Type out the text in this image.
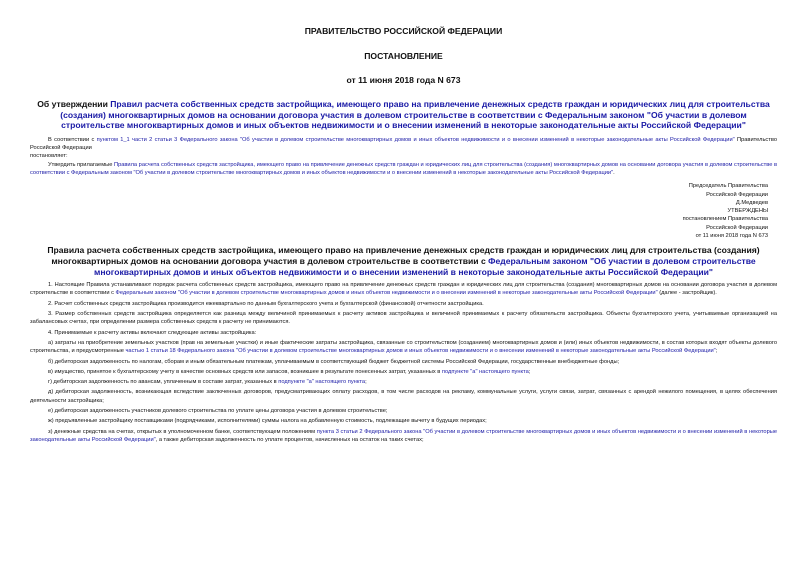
ПРАВИТЕЛЬСТВО РОССИЙСКОЙ ФЕДЕРАЦИИ
ПОСТАНОВЛЕНИЕ
от 11 июня 2018 года N 673
Об утверждении Правил расчета собственных средств застройщика, имеющего право на привлечение денежных средств граждан и юридических лиц для строительства (создания) многоквартирных домов на основании договора участия в долевом строительстве в соответствии с Федеральным законом "Об участии в долевом строительстве многоквартирных домов и иных объектов недвижимости и о внесении изменений в некоторые законодательные акты Российской Федерации"
В соответствии с пунктом 1_1 части 2 статьи 3 Федерального закона "Об участии в долевом строительстве многоквартирных домов и иных объектов недвижимости и о внесении изменений в некоторые законодательные акты Российской Федерации" Правительство Российской Федерации
постановляет:
Утвердить прилагаемые Правила расчета собственных средств застройщика, имеющего право на привлечение денежных средств граждан и юридических лиц для строительства (создания) многоквартирных домов на основании договора участия в долевом строительстве в соответствии с Федеральным законом "Об участии в долевом строительстве многоквартирных домов и иных объектов недвижимости и о внесении изменений в некоторые законодательные акты Российской Федерации".
Председатель Правительства
Российской Федерации
Д.Медведев
УТВЕРЖДЕНЫ
постановлением Правительства
Российской Федерации
от 11 июня 2018 года N 673
Правила расчета собственных средств застройщика, имеющего право на привлечение денежных средств граждан и юридических лиц для строительства (создания) многоквартирных домов на основании договора участия в долевом строительстве в соответствии с Федеральным законом "Об участии в долевом строительстве многоквартирных домов и иных объектов недвижимости и о внесении изменений в некоторые законодательные акты Российской Федерации"
1. Настоящие Правила устанавливают порядок расчета собственных средств застройщика, имеющего право на привлечение денежных средств граждан и юридических лиц для строительства (создания) многоквартирных домов на основании договора участия в долевом строительстве в соответствии с Федеральным законом "Об участии в долевом строительстве многоквартирных домов и иных объектов недвижимости и о внесении изменений в некоторые законодательные акты Российской Федерации" (далее - застройщик).
2. Расчет собственных средств застройщика производится ежеквартально по данным бухгалтерского учета и бухгалтерской (финансовой) отчетности застройщика.
3. Размер собственных средств застройщика определяется как разница между величиной принимаемых к расчету активов застройщика и величиной принимаемых к расчету обязательств застройщика. Объекты бухгалтерского учета, учитываемые организацией на забалансовых счетах, при определении размера собственных средств к расчету не принимаются.
4. Принимаемые к расчету активы включают следующие активы застройщика:
а) затраты на приобретение земельных участков (прав на земельные участки) и иные фактические затраты застройщика, связанные со строительством (созданием) многоквартирных домов и (или) иных объектов недвижимости, в состав которых входят объекты долевого строительства, и предусмотренные частью 1 статьи 18 Федерального закона "Об участии в долевом строительстве многоквартирных домов и иных объектов недвижимости и о внесении изменений в некоторые законодательные акты Российской Федерации";
б) дебиторская задолженность по налогам, сборам и иным обязательным платежам, уплачиваемым в соответствующий бюджет бюджетной системы Российской Федерации, государственные внебюджетные фонды;
в) имущество, принятое к бухгалтерскому учету в качестве основных средств или запасов, возникшее в результате понесенных затрат, указанных в подпункте "а" настоящего пункта;
г) дебиторская задолженность по авансам, уплаченным в составе затрат, указанных в подпункте "а" настоящего пункта;
д) дебиторская задолженность, возникающая вследствие заключенных договоров, предусматривающих оплату расходов, в том числе расходов на рекламу, коммунальные услуги, услуги связи, затрат, связанных с арендой нежилого помещения, в целях обеспечения деятельности застройщика;
е) дебиторская задолженность участников долевого строительства по уплате цены договора участия в долевом строительстве;
ж) предъявленные застройщику поставщиками (подрядчиками, исполнителями) суммы налога на добавленную стоимость, подлежащие вычету в будущих периодах;
з) денежные средства на счетах, открытых в уполномоченном банке, соответствующем положениям пункта 3 статьи 2 Федерального закона "Об участии в долевом строительстве многоквартирных домов и иных объектов недвижимости и о внесении изменений в некоторые законодательные акты Российской Федерации", а также дебиторская задолженность по уплате процентов, начисленных на остаток на таких счетах;
